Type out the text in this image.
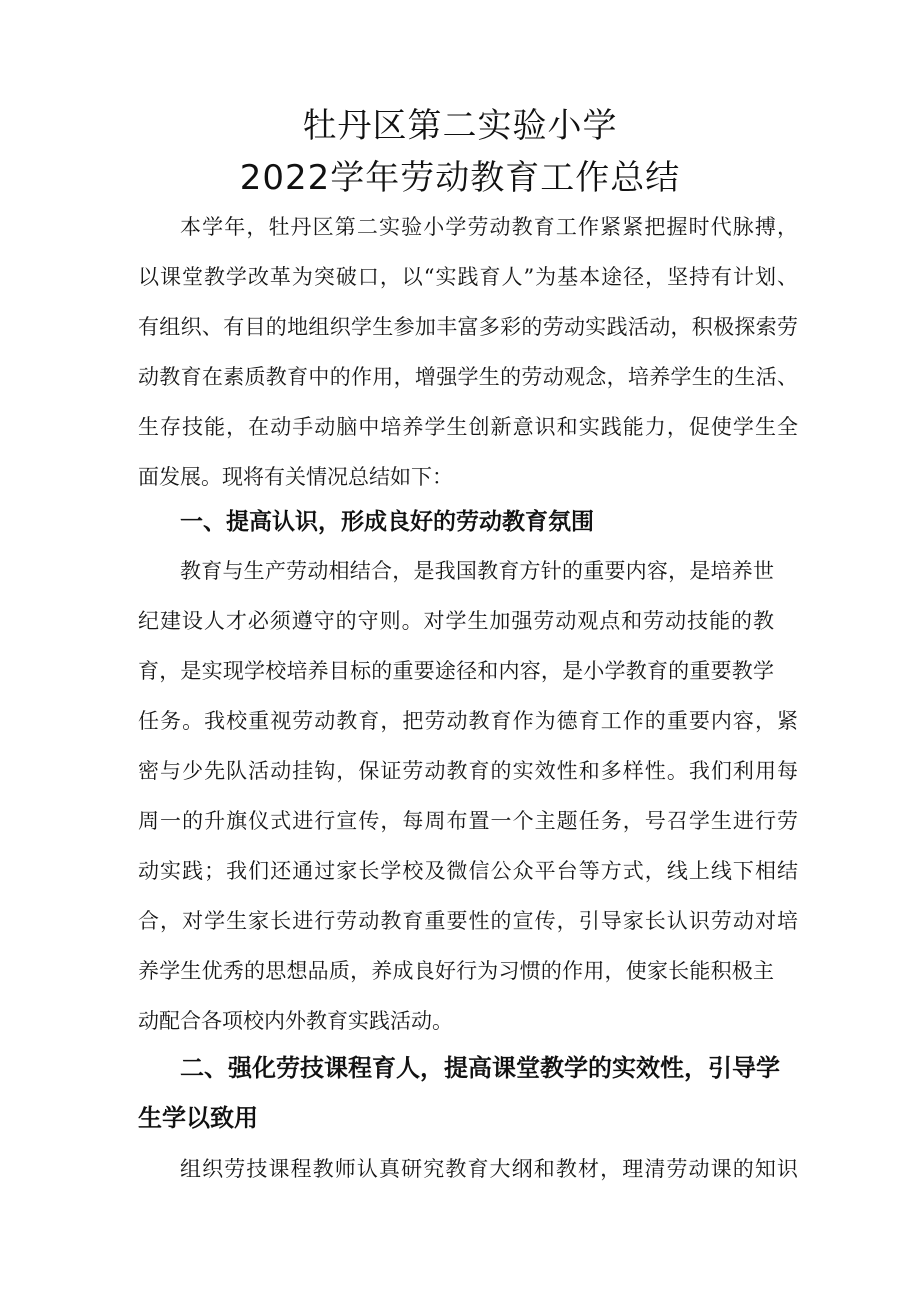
牡丹区第二实验小学
2022学年劳动教育工作总结
本学年，牡丹区第二实验小学劳动教育工作紧紧把握时代脉搏，
以课堂教学改革为突破口，以“实践育人”为基本途径，坚持有计划、
有组织、有目的地组织学生参加丰富多彩的劳动实践活动，积极探索劳
动教育在素质教育中的作用，增强学生的劳动观念，培养学生的生活、
生存技能，在动手动脑中培养学生创新意识和实践能力，促使学生全
面发展。现将有关情况总结如下：
一、提高认识，形成良好的劳动教育氛围
教育与生产劳动相结合，是我国教育方针的重要内容，是培养世
纪建设人才必须遵守的守则。对学生加强劳动观点和劳动技能的教
育，是实现学校培养目标的重要途径和内容，是小学教育的重要教学
任务。我校重视劳动教育，把劳动教育作为德育工作的重要内容，紧
密与少先队活动挂钩，保证劳动教育的实效性和多样性。我们利用每
周一的升旗仪式进行宣传，每周布置一个主题任务，号召学生进行劳
动实践；我们还通过家长学校及微信公众平台等方式，线上线下相结
合，对学生家长进行劳动教育重要性的宣传，引导家长认识劳动对培
养学生优秀的思想品质，养成良好行为习惯的作用，使家长能积极主
动配合各项校内外教育实践活动。
二、强化劳技课程育人，提高课堂教学的实效性，引导学
生学以致用
组织劳技课程教师认真研究教育大纲和教材，理清劳动课的知识
